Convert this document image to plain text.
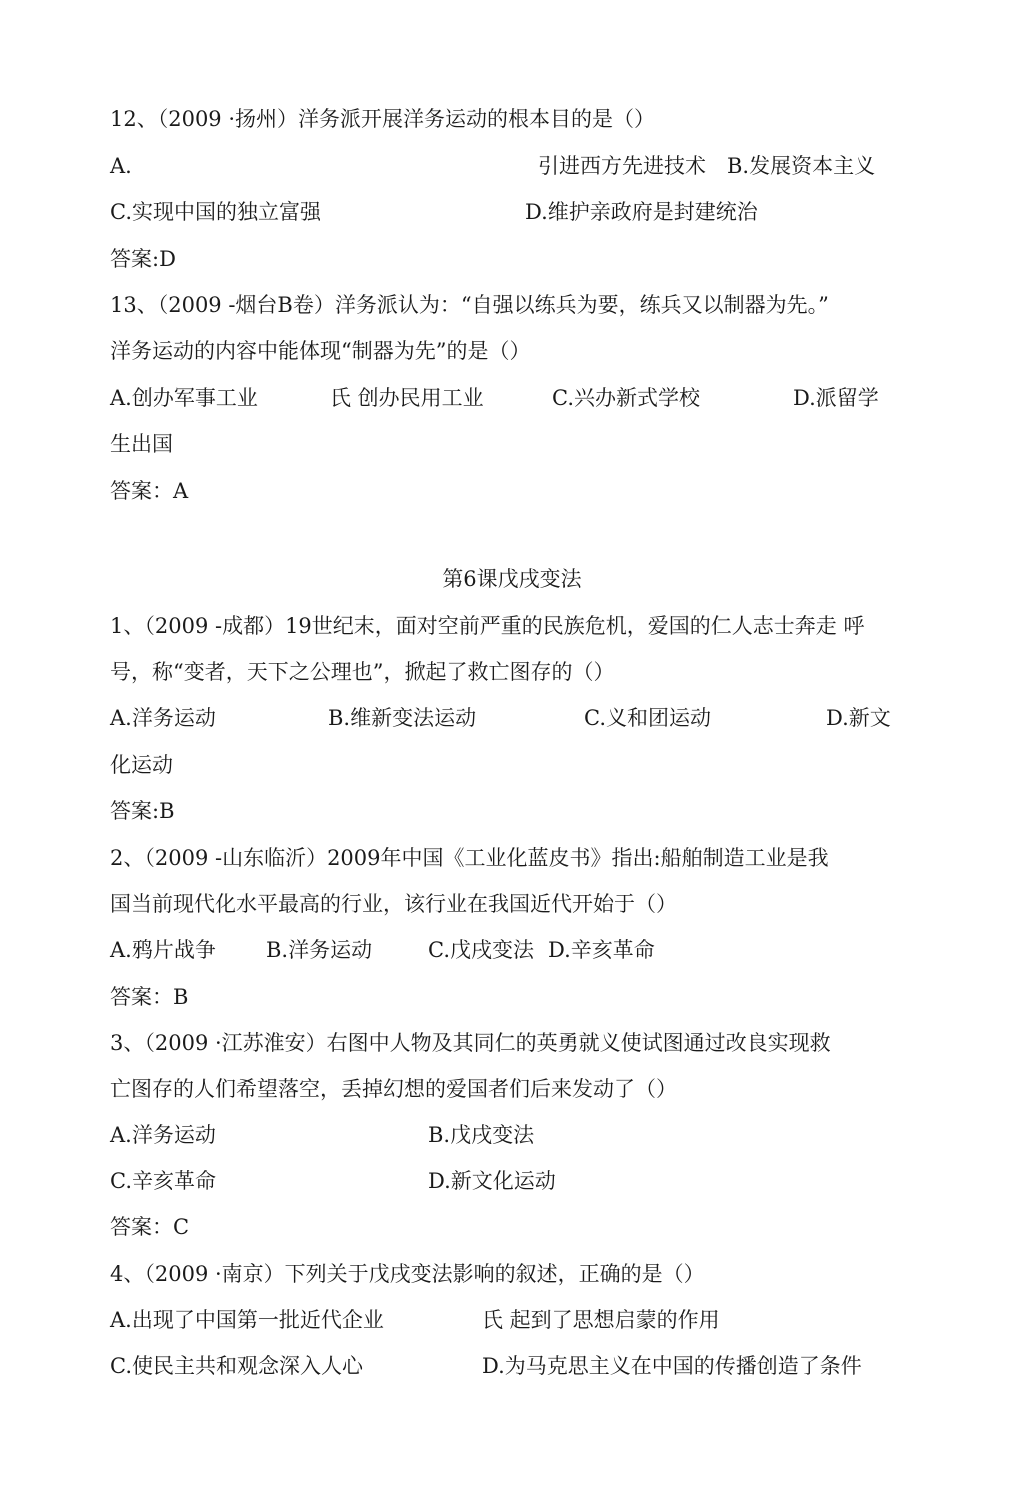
12、（2009 ·扬州）洋务派开展洋务运动的根本目的是（）
A.	引进西方先进技术 B.发展资本主义
C.实现中国的独立富强	D.维护亲政府是封建统治
答案:D
13、（2009 -烟台B卷）洋务派认为：“自强以练兵为要，练兵又以制器为先。”
洋务运动的内容中能体现“制器为先”的是（）
A.创办军事工业	氏 创办民用工业	C.兴办新式学校	D.派留学
生出国
答案：A
第6课戊戌变法
1、（2009 -成都）19世纪末，面对空前严重的民族危机，爱国的仁人志士奔走 呼
号，称“变者，天下之公理也”，掀起了救亡图存的（）
A.洋务运动	B.维新变法运动	C.义和团运动	D.新文
化运动
答案:B
2、（2009 -山东临沂）2009年中国《工业化蓝皮书》指出:船舶制造工业是我
国当前现代化水平最高的行业，该行业在我国近代开始于（）
A.鸦片战争 B.洋务运动	C.戊戌变法 D.辛亥革命
答案：B
3、（2009 ·江苏淮安）右图中人物及其同仁的英勇就义使试图通过改良实现救
亡图存的人们希望落空，丢掉幻想的爱国者们后来发动了（）
A.洋务运动	B.戊戌变法
C.辛亥革命	D.新文化运动
答案：C
4、（2009 ·南京）下列关于戊戌变法影响的叙述，正确的是（）
A.出现了中国第一批近代企业	氏 起到了思想启蒙的作用
C.使民主共和观念深入人心	D.为马克思主义在中国的传播创造了条件
